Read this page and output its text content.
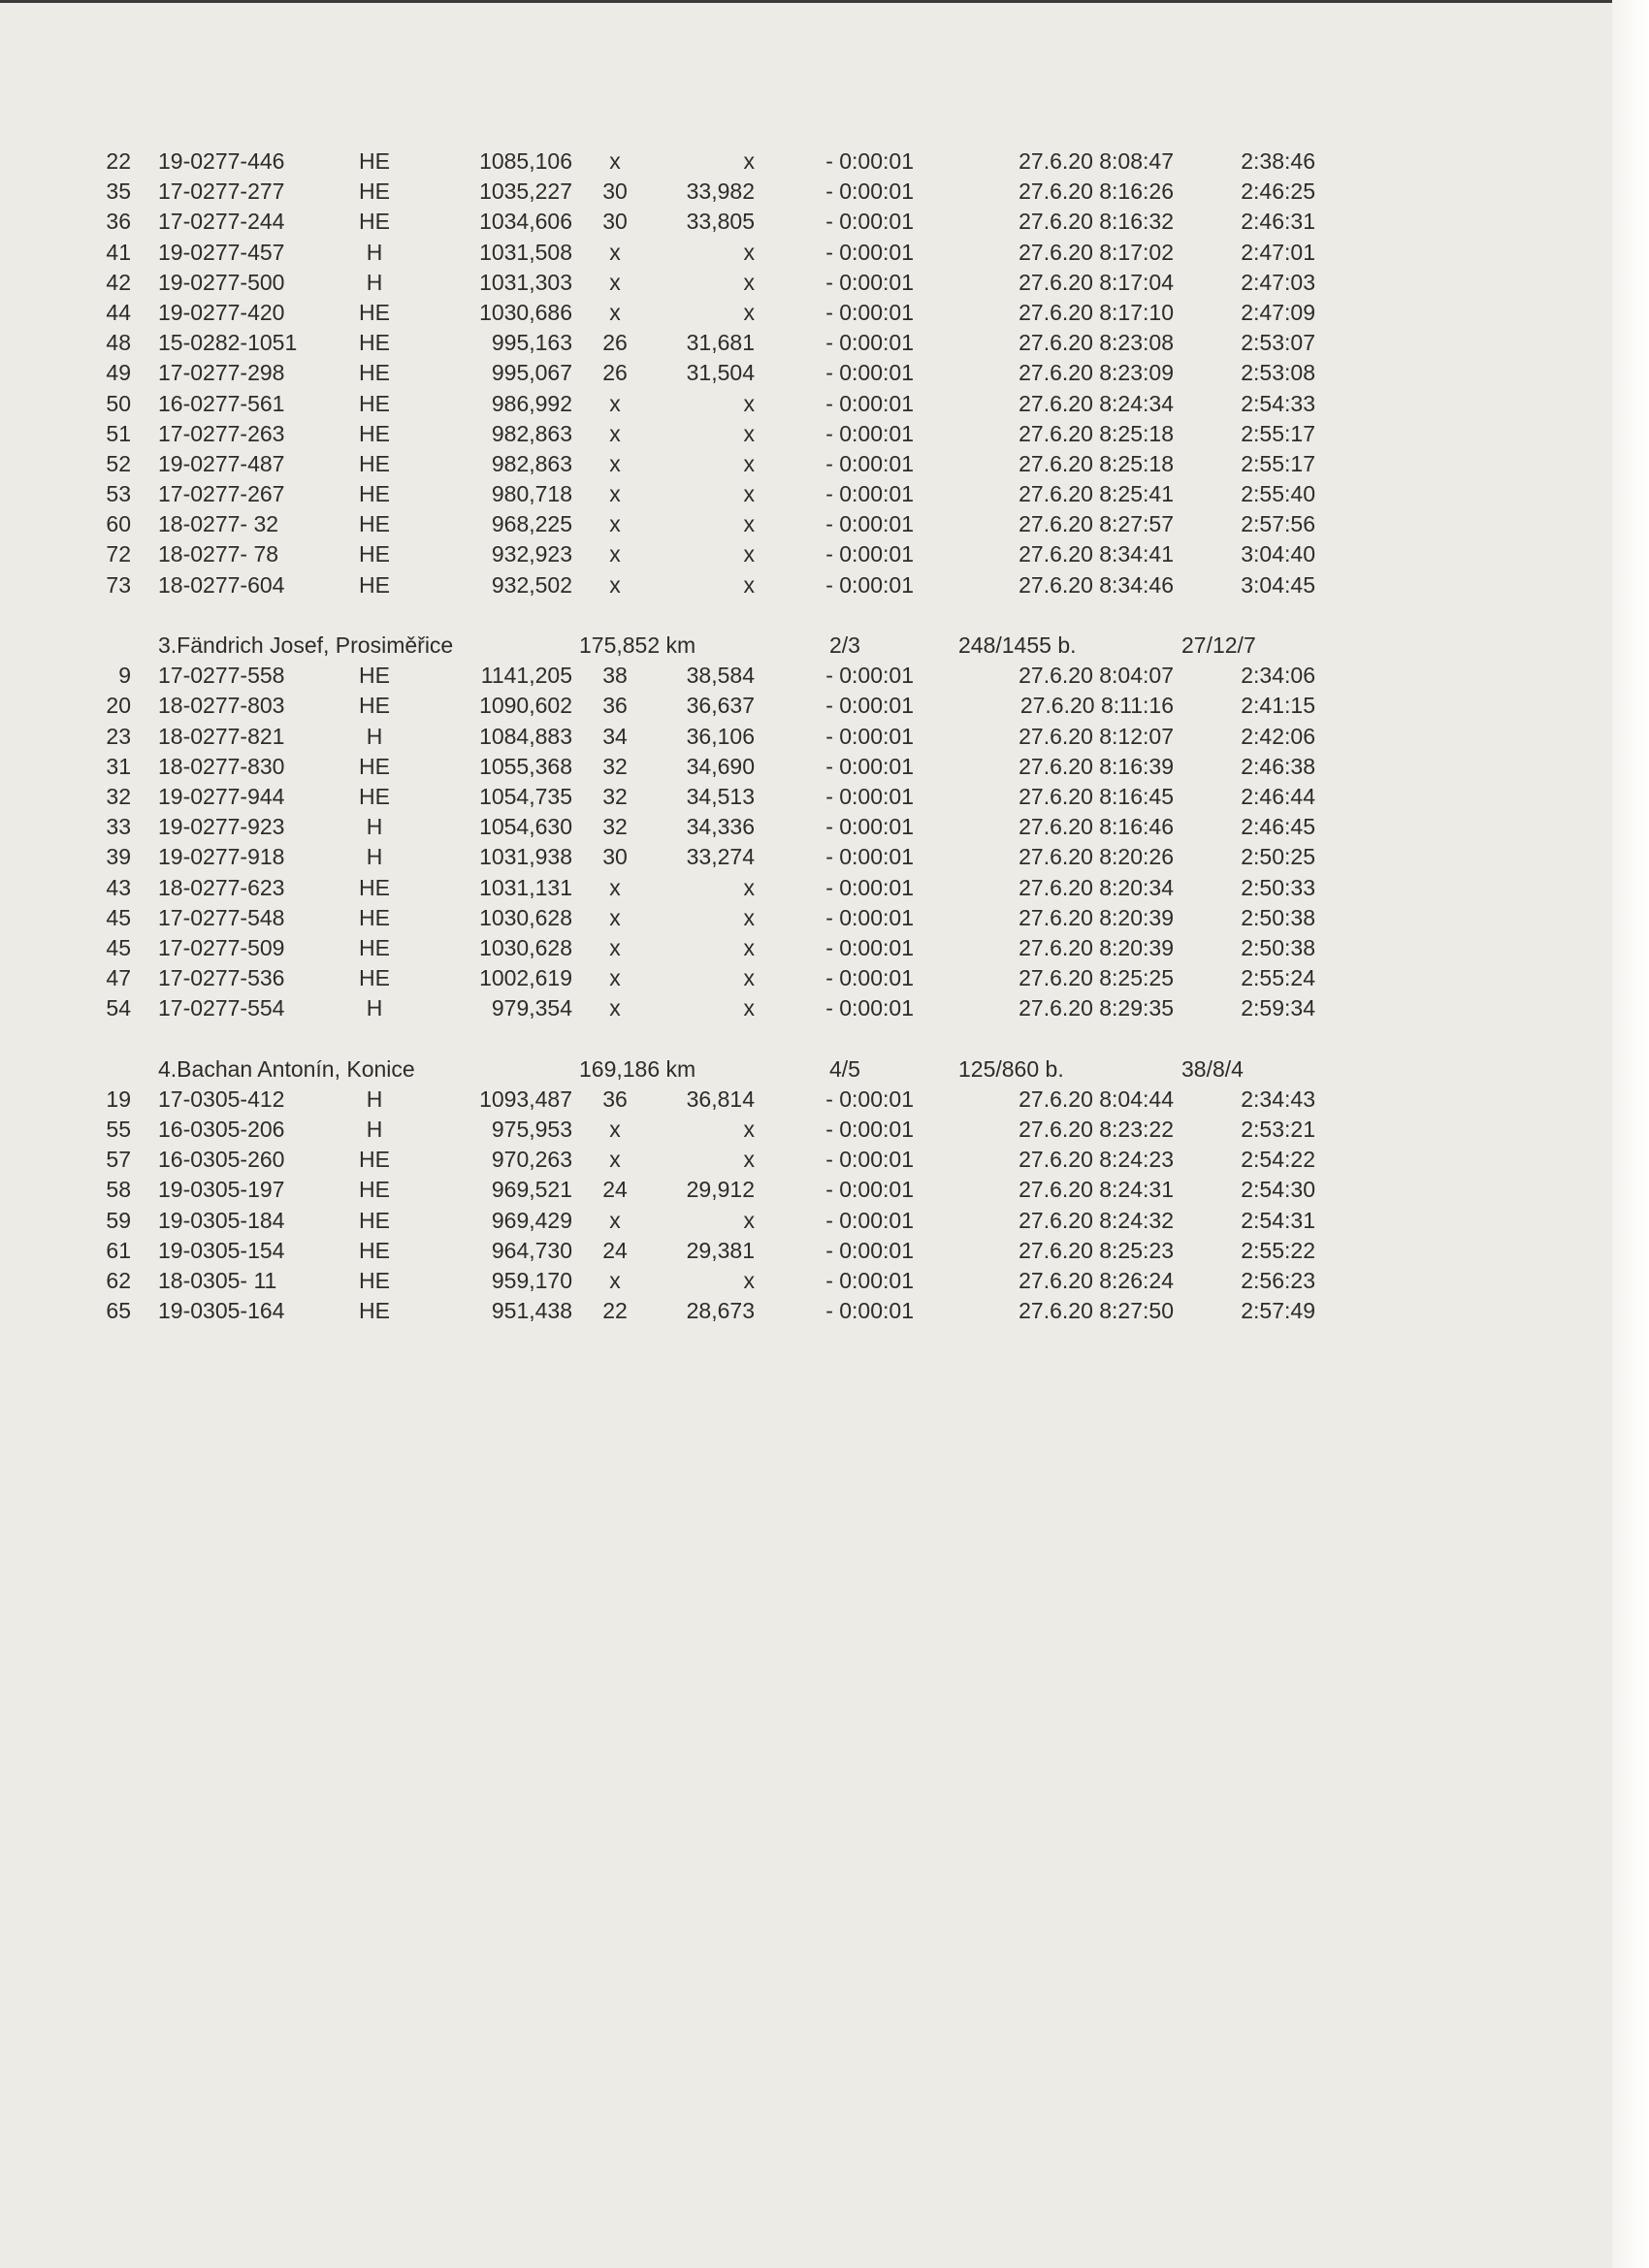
22 19-0277-446	HE	1085,106	x	x	- 0:00:01	27.6.20 8:08:47	2:38:46
35 17-0277-277	HE	1035,227	30	33,982	- 0:00:01	27.6.20 8:16:26	2:46:25
36 17-0277-244	HE	1034,606	30	33,805	- 0:00:01	27.6.20 8:16:32	2:46:31
41 19-0277-457	H	1031,508	x	x	- 0:00:01	27.6.20 8:17:02	2:47:01
42 19-0277-500	H	1031,303	x	x	- 0:00:01	27.6.20 8:17:04	2:47:03
44 19-0277-420	HE	1030,686	x	x	- 0:00:01	27.6.20 8:17:10	2:47:09
48 15-0282-1051	HE	995,163	26	31,681	- 0:00:01	27.6.20 8:23:08	2:53:07
49 17-0277-298	HE	995,067	26	31,504	- 0:00:01	27.6.20 8:23:09	2:53:08
50 16-0277-561	HE	986,992	x	x	- 0:00:01	27.6.20 8:24:34	2:54:33
51 17-0277-263	HE	982,863	x	x	- 0:00:01	27.6.20 8:25:18	2:55:17
52 19-0277-487	HE	982,863	x	x	- 0:00:01	27.6.20 8:25:18	2:55:17
53 17-0277-267	HE	980,718	x	x	- 0:00:01	27.6.20 8:25:41	2:55:40
60 18-0277- 32	HE	968,225	x	x	- 0:00:01	27.6.20 8:27:57	2:57:56
72 18-0277- 78	HE	932,923	x	x	- 0:00:01	27.6.20 8:34:41	3:04:40
73 18-0277-604	HE	932,502	x	x	- 0:00:01	27.6.20 8:34:46	3:04:45
3.Fändrich Josef, Prosiměřice	175,852 km	2/3	248/1455 b.	27/12/7
9 17-0277-558	HE	1141,205	38	38,584	- 0:00:01	27.6.20 8:04:07	2:34:06
20 18-0277-803	HE	1090,602	36	36,637	- 0:00:01	27.6.20 8:11:16	2:41:15
23 18-0277-821	H	1084,883	34	36,106	- 0:00:01	27.6.20 8:12:07	2:42:06
31 18-0277-830	HE	1055,368	32	34,690	- 0:00:01	27.6.20 8:16:39	2:46:38
32 19-0277-944	HE	1054,735	32	34,513	- 0:00:01	27.6.20 8:16:45	2:46:44
33 19-0277-923	H	1054,630	32	34,336	- 0:00:01	27.6.20 8:16:46	2:46:45
39 19-0277-918	H	1031,938	30	33,274	- 0:00:01	27.6.20 8:20:26	2:50:25
43 18-0277-623	HE	1031,131	x	x	- 0:00:01	27.6.20 8:20:34	2:50:33
45 17-0277-548	HE	1030,628	x	x	- 0:00:01	27.6.20 8:20:39	2:50:38
45 17-0277-509	HE	1030,628	x	x	- 0:00:01	27.6.20 8:20:39	2:50:38
47 17-0277-536	HE	1002,619	x	x	- 0:00:01	27.6.20 8:25:25	2:55:24
54 17-0277-554	H	979,354	x	x	- 0:00:01	27.6.20 8:29:35	2:59:34
4.Bachan Antonín, Konice	169,186 km	4/5	125/860 b.	38/8/4
19 17-0305-412	H	1093,487	36	36,814	- 0:00:01	27.6.20 8:04:44	2:34:43
55 16-0305-206	H	975,953	x	x	- 0:00:01	27.6.20 8:23:22	2:53:21
57 16-0305-260	HE	970,263	x	x	- 0:00:01	27.6.20 8:24:23	2:54:22
58 19-0305-197	HE	969,521	24	29,912	- 0:00:01	27.6.20 8:24:31	2:54:30
59 19-0305-184	HE	969,429	x	x	- 0:00:01	27.6.20 8:24:32	2:54:31
61 19-0305-154	HE	964,730	24	29,381	- 0:00:01	27.6.20 8:25:23	2:55:22
62 18-0305- 11	HE	959,170	x	x	- 0:00:01	27.6.20 8:26:24	2:56:23
65 19-0305-164	HE	951,438	22	28,673	- 0:00:01	27.6.20 8:27:50	2:57:49
